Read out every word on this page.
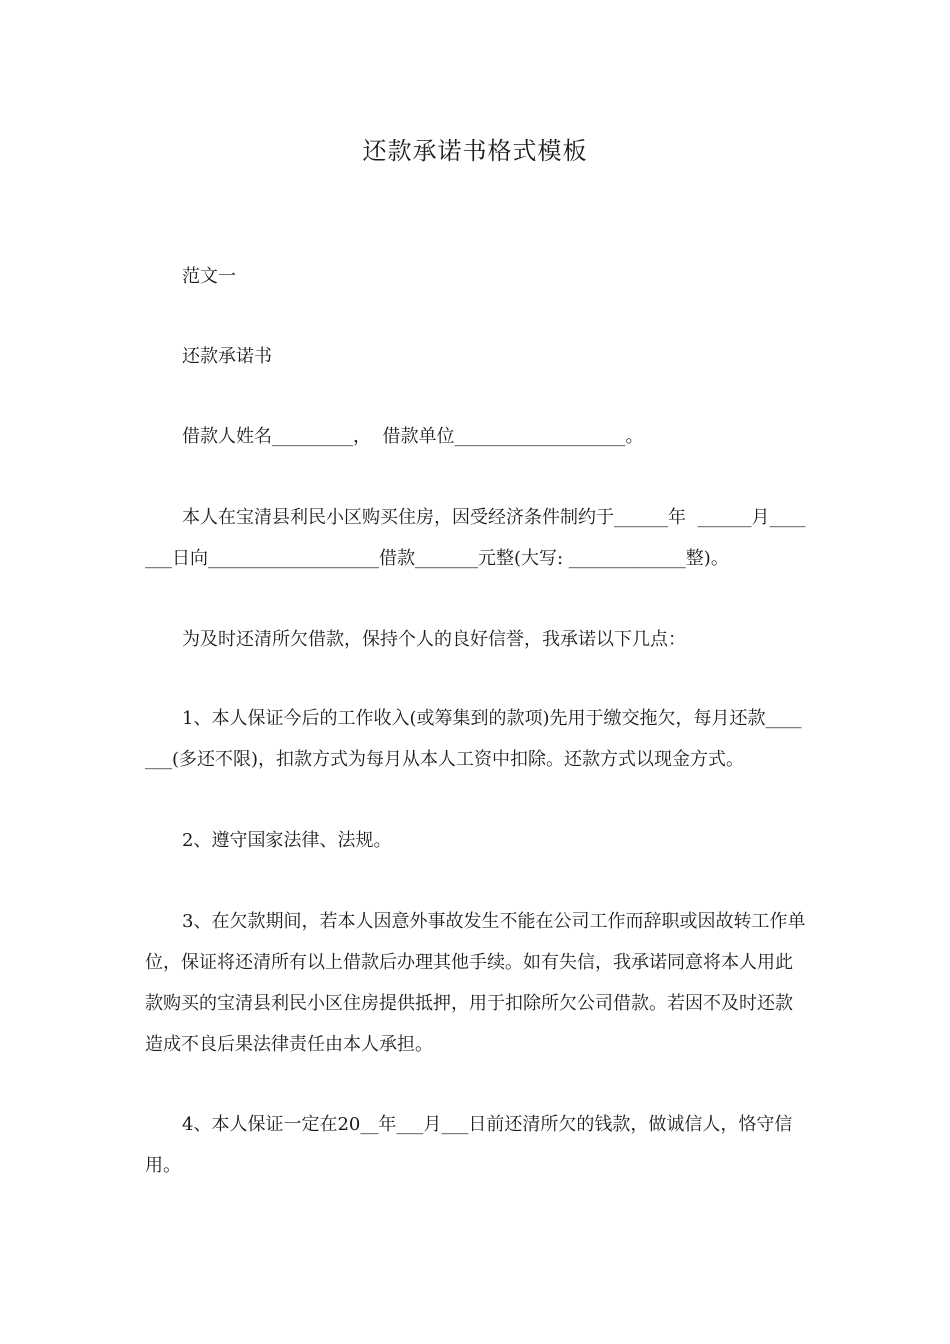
还款承诺书格式模板

范文一

还款承诺书

借款人姓名_________，  借款单位___________________。

本人在宝清县利民小区购买住房，因受经济条件制约于______年  ______月_______日向___________________借款_______元整(大写: _____________整)。

为及时还清所欠借款，保持个人的良好信誉，我承诺以下几点：

1、本人保证今后的工作收入(或筹集到的款项)先用于缴交拖欠，每月还款_______(多还不限)，扣款方式为每月从本人工资中扣除。还款方式以现金方式。

2、遵守国家法律、法规。

3、在欠款期间，若本人因意外事故发生不能在公司工作而辞职或因故转工作单位，保证将还清所有以上借款后办理其他手续。如有失信，我承诺同意将本人用此款购买的宝清县利民小区住房提供抵押，用于扣除所欠公司借款。若因不及时还款造成不良后果法律责任由本人承担。

4、本人保证一定在20__年___月___日前还清所欠的钱款，做诚信人，恪守信用。
